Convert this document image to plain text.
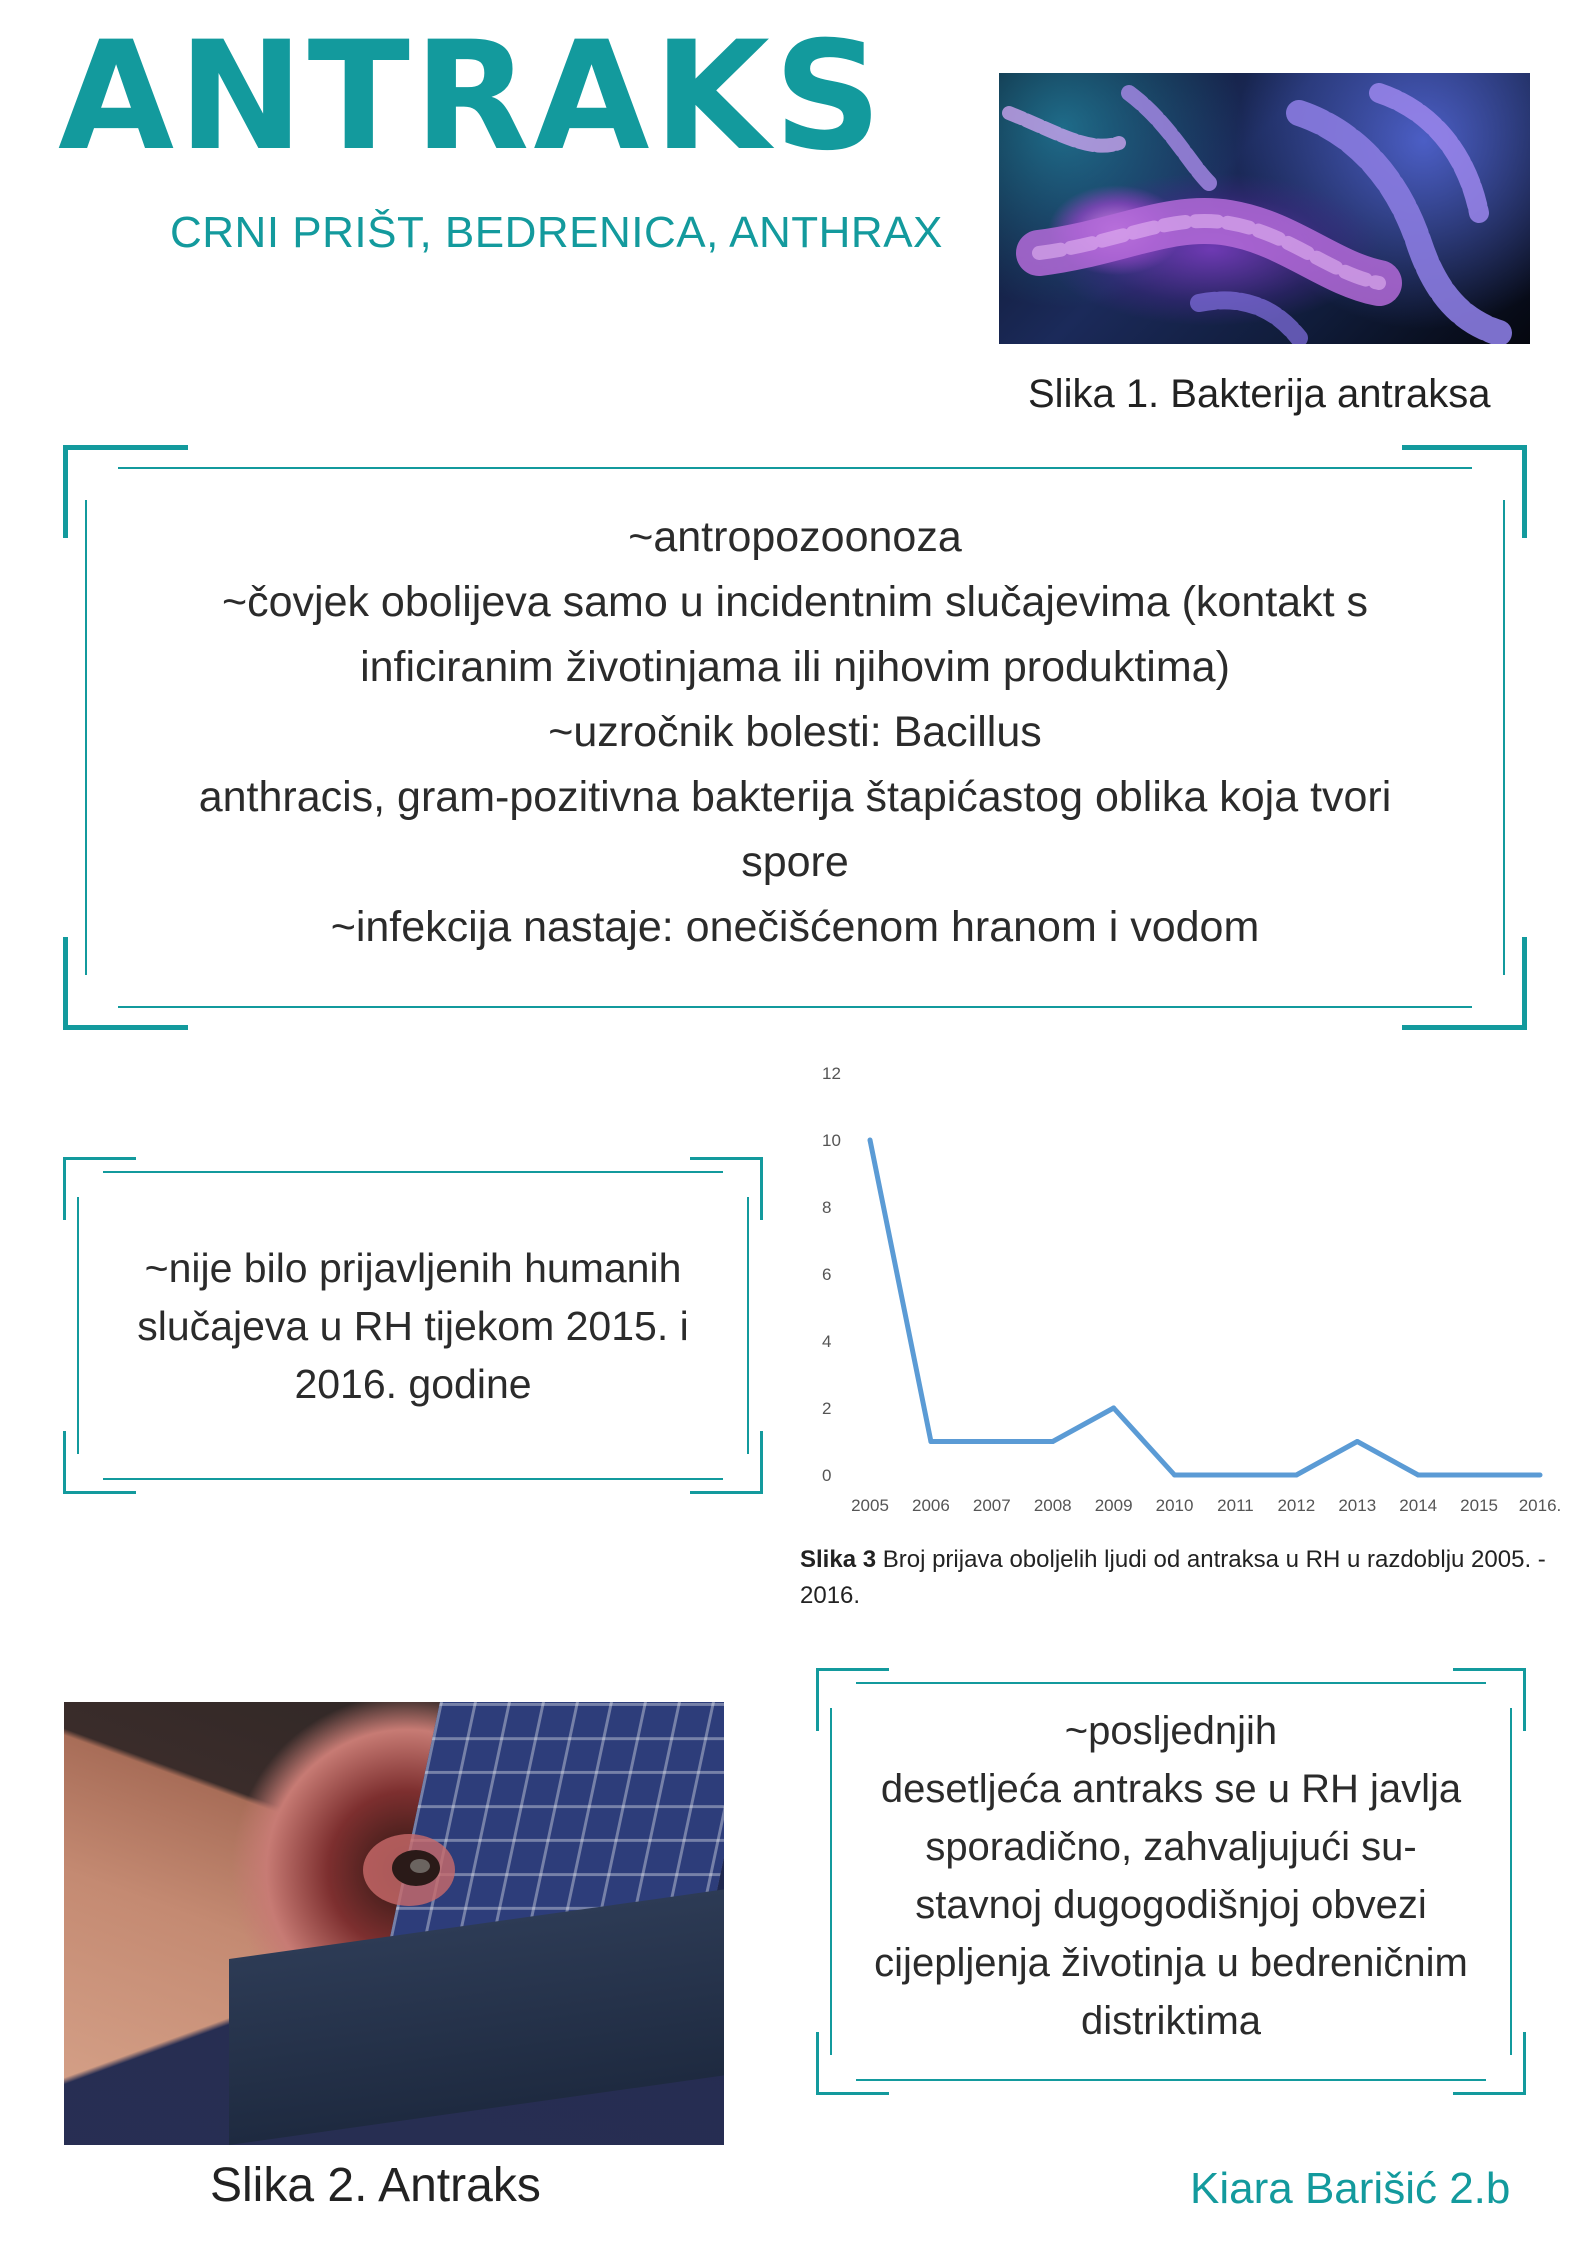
ANTRAKS
CRNI PRIŠT, BEDRENICA, ANTHRAX
Slika 1. Bakterija antraksa
~antropozoonoza
~čovjek obolijeva samo u incidentnim slučajevima (kontakt s
inficiranim životinjama ili njihovim produktima)
~uzročnik bolesti: Bacillus
anthracis, gram-pozitivna bakterija štapićastog oblika koja tvori
spore
~infekcija nastaje: onečišćenom hranom i vodom
~nije bilo prijavljenih humanih
slučajeva u RH tijekom 2015. i
2016. godine
0
2
4
6
8
10
12
2005 2006 2007 2008 2009 2010 2011 2012 2013 2014 2015 2016.
Slika 3 Broj prijava oboljelih ljudi od antraksa u RH u razdoblju 2005. - 2016.
Slika 2. Antraks
~posljednjih
desetljeća antraks se u RH javlja
sporadično, zahvaljujući su-
stavnoj dugogodišnjoj obvezi
cijepljenja životinja u bedreničnim
distriktima
Kiara Barišić 2.b
